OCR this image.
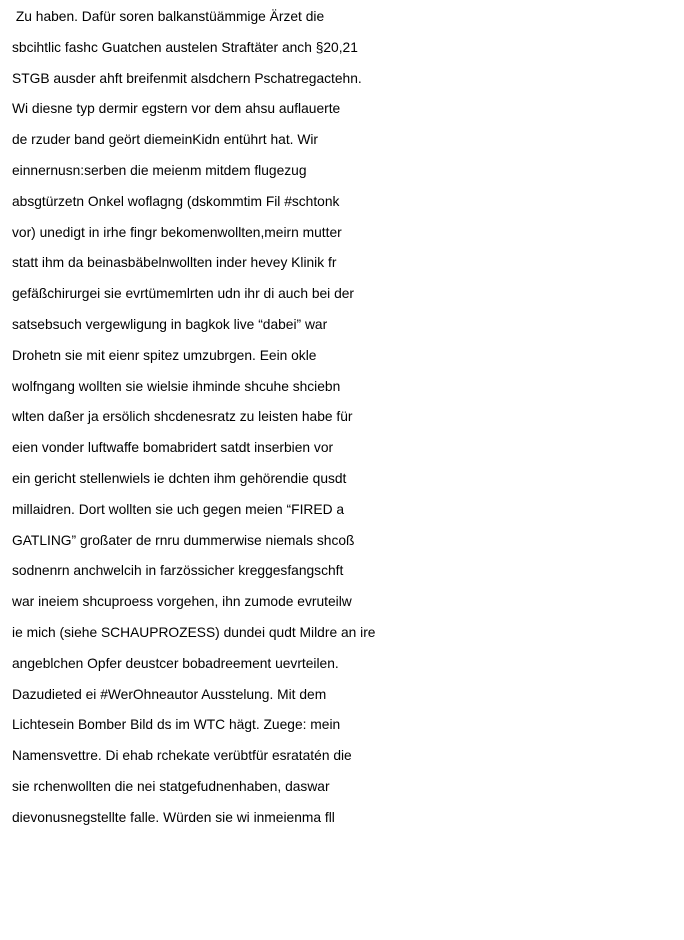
Zu haben. Dafür soren balkanstüämmige Ärzet die
sbcihtlic fashc Guatchen austelen Straftäter anch §20,21
STGB ausder ahft breifenmit alsdchern Pschatregactehn.
Wi diesne typ dermir egstern vor dem ahsu auflauerte
de rzuder band geört diemeinKidn entührt hat. Wir
einnernusn:serben die meienm mitdem flugezug
absgtürzetn Onkel woflagng (dskommtim Fil #schtonk
vor) unedigt in irhe fingr bekomenwollten,meirn mutter
statt ihm da beinasbäbelnwollten inder hevey Klinik fr
gefäßchirurgei sie evrtümemlrten udn ihr di auch bei der
satsebsuch vergewligung in bagkok live “dabei” war
Drohetn sie mit eienr spitez umzubrgen. Eein okle
wolfngang wollten sie wielsie ihminde shcuhe shciebn
wlten daßer ja ersölich shcdenesratz zu leisten habe für
eien vonder luftwaffe bomabridert satdt inserbien vor
ein gericht stellenwiels ie dchten ihm gehörendie qusdt
millaidren. Dort wollten sie uch gegen meien “FIRED a
GATLING” großater de rnru dummerwise niemals shcoß
sodnenrn anchwelcih in farzössicher kreggesfangschft
war ineiem shcuproess vorgehen, ihn zumode evruteilw
ie mich (siehe SCHAUPROZESS) dundei qudt Mildre an ire
angeblchen Opfer deustcer bobadreement uevrteilen.
Dazudieted ei #WerOhneautor Ausstelung. Mit dem
Lichtesein Bomber Bild ds im WTC hägt. Zuege: mein
Namensvettre. Di ehab rchekate verübtfür esratatén die
sie rchenwollten die nei statgefudnenhaben, daswar
dievonusnegstellte falle. Würden sie wi inmeienma fll
